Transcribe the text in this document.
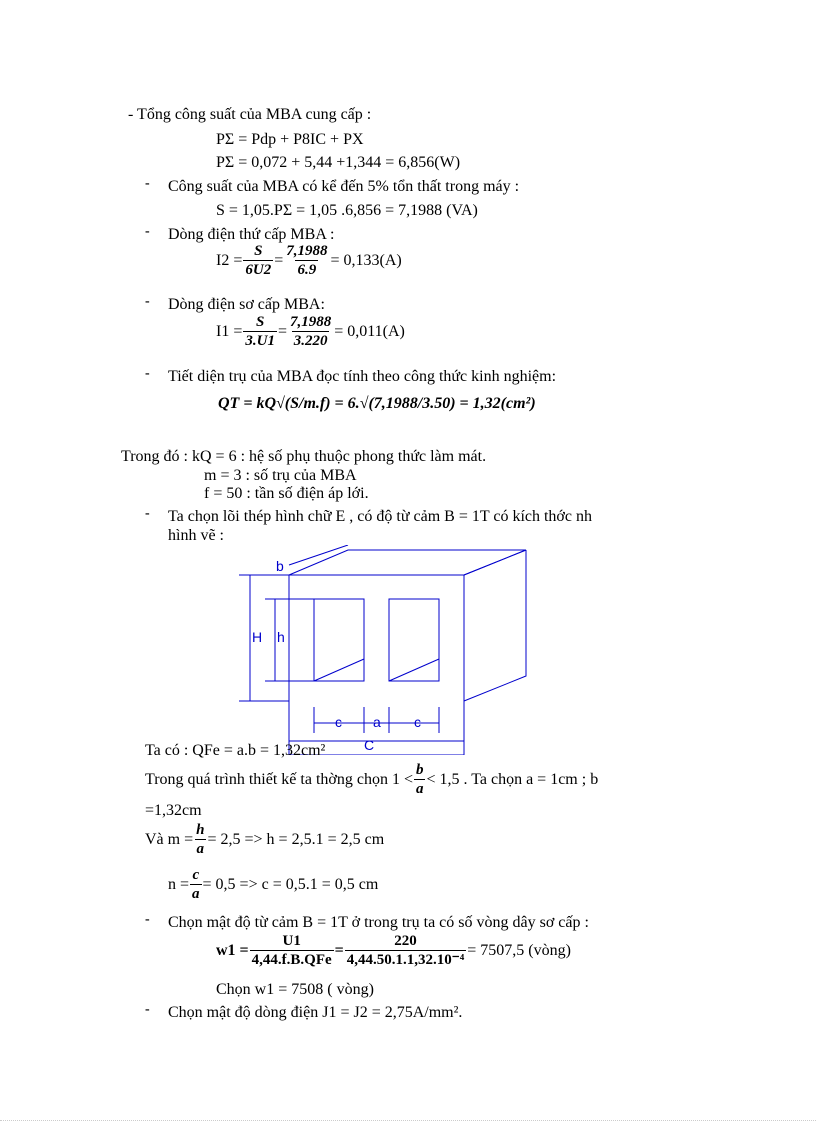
- Tổng công suất của MBA cung cấp :
PΣ = Pdp + P8IC + PX
PΣ = 0,072 + 5,44 +1,344 = 6,856(W)
- Công suất của MBA có kể đến 5% tổn thất trong máy :
S = 1,05.PΣ = 1,05 .6,856 = 7,1988 (VA)
- Dòng điện thứ cấp MBA :
$I2 = \frac{S}{6U2} = \frac{7,1988}{6.9} = 0,133(A)$
- Dòng điện sơ cấp MBA:
$I1 = \frac{S}{3.U1} = \frac{7,1988}{3.220} = 0,011(A)$
- Tiết diện trụ của MBA đọc tính theo công thức kinh nghiệm:
QT = kQ√(S/m.f) = 6.√(7,1988/3.50) = 1,32(cm²)
Trong đó : kQ = 6 : hệ số phụ thuộc phong thức làm mát.
m = 3 : số trụ của MBA
f = 50 : tần số điện áp lới.
- Ta chọn lõi thép hình chữ E , có độ từ cảm B = 1T có kích thớc nh
hình vẽ :
b
H h
c a c
C
Ta có : QFe = a.b = 1,32cm²
Trong quá trình thiết kế ta thờng chọn $1 < \frac{b}{a} < 1,5$ . Ta chọn a = 1cm ; b
=1,32cm
Và $m = \frac{h}{a} = 2,5 => h = 2,5.1 = 2,5$ cm
$n = \frac{c}{a} = 0,5 => c = 0,5.1 = 0,5$ cm
- Chọn mật độ từ cảm B = 1T ở trong trụ ta có số vòng dây sơ cấp :
$w1 = \frac{U1}{\text{4,44.f.B.QFe}} = \frac{220}{\text{4,44.50.1.1,32.10⁻⁴}} = 7507,5$ (vòng)
Chọn w1 = 7508 ( vòng)
- Chọn mật độ dòng điện J1 = J2 = 2,75A/mm².
